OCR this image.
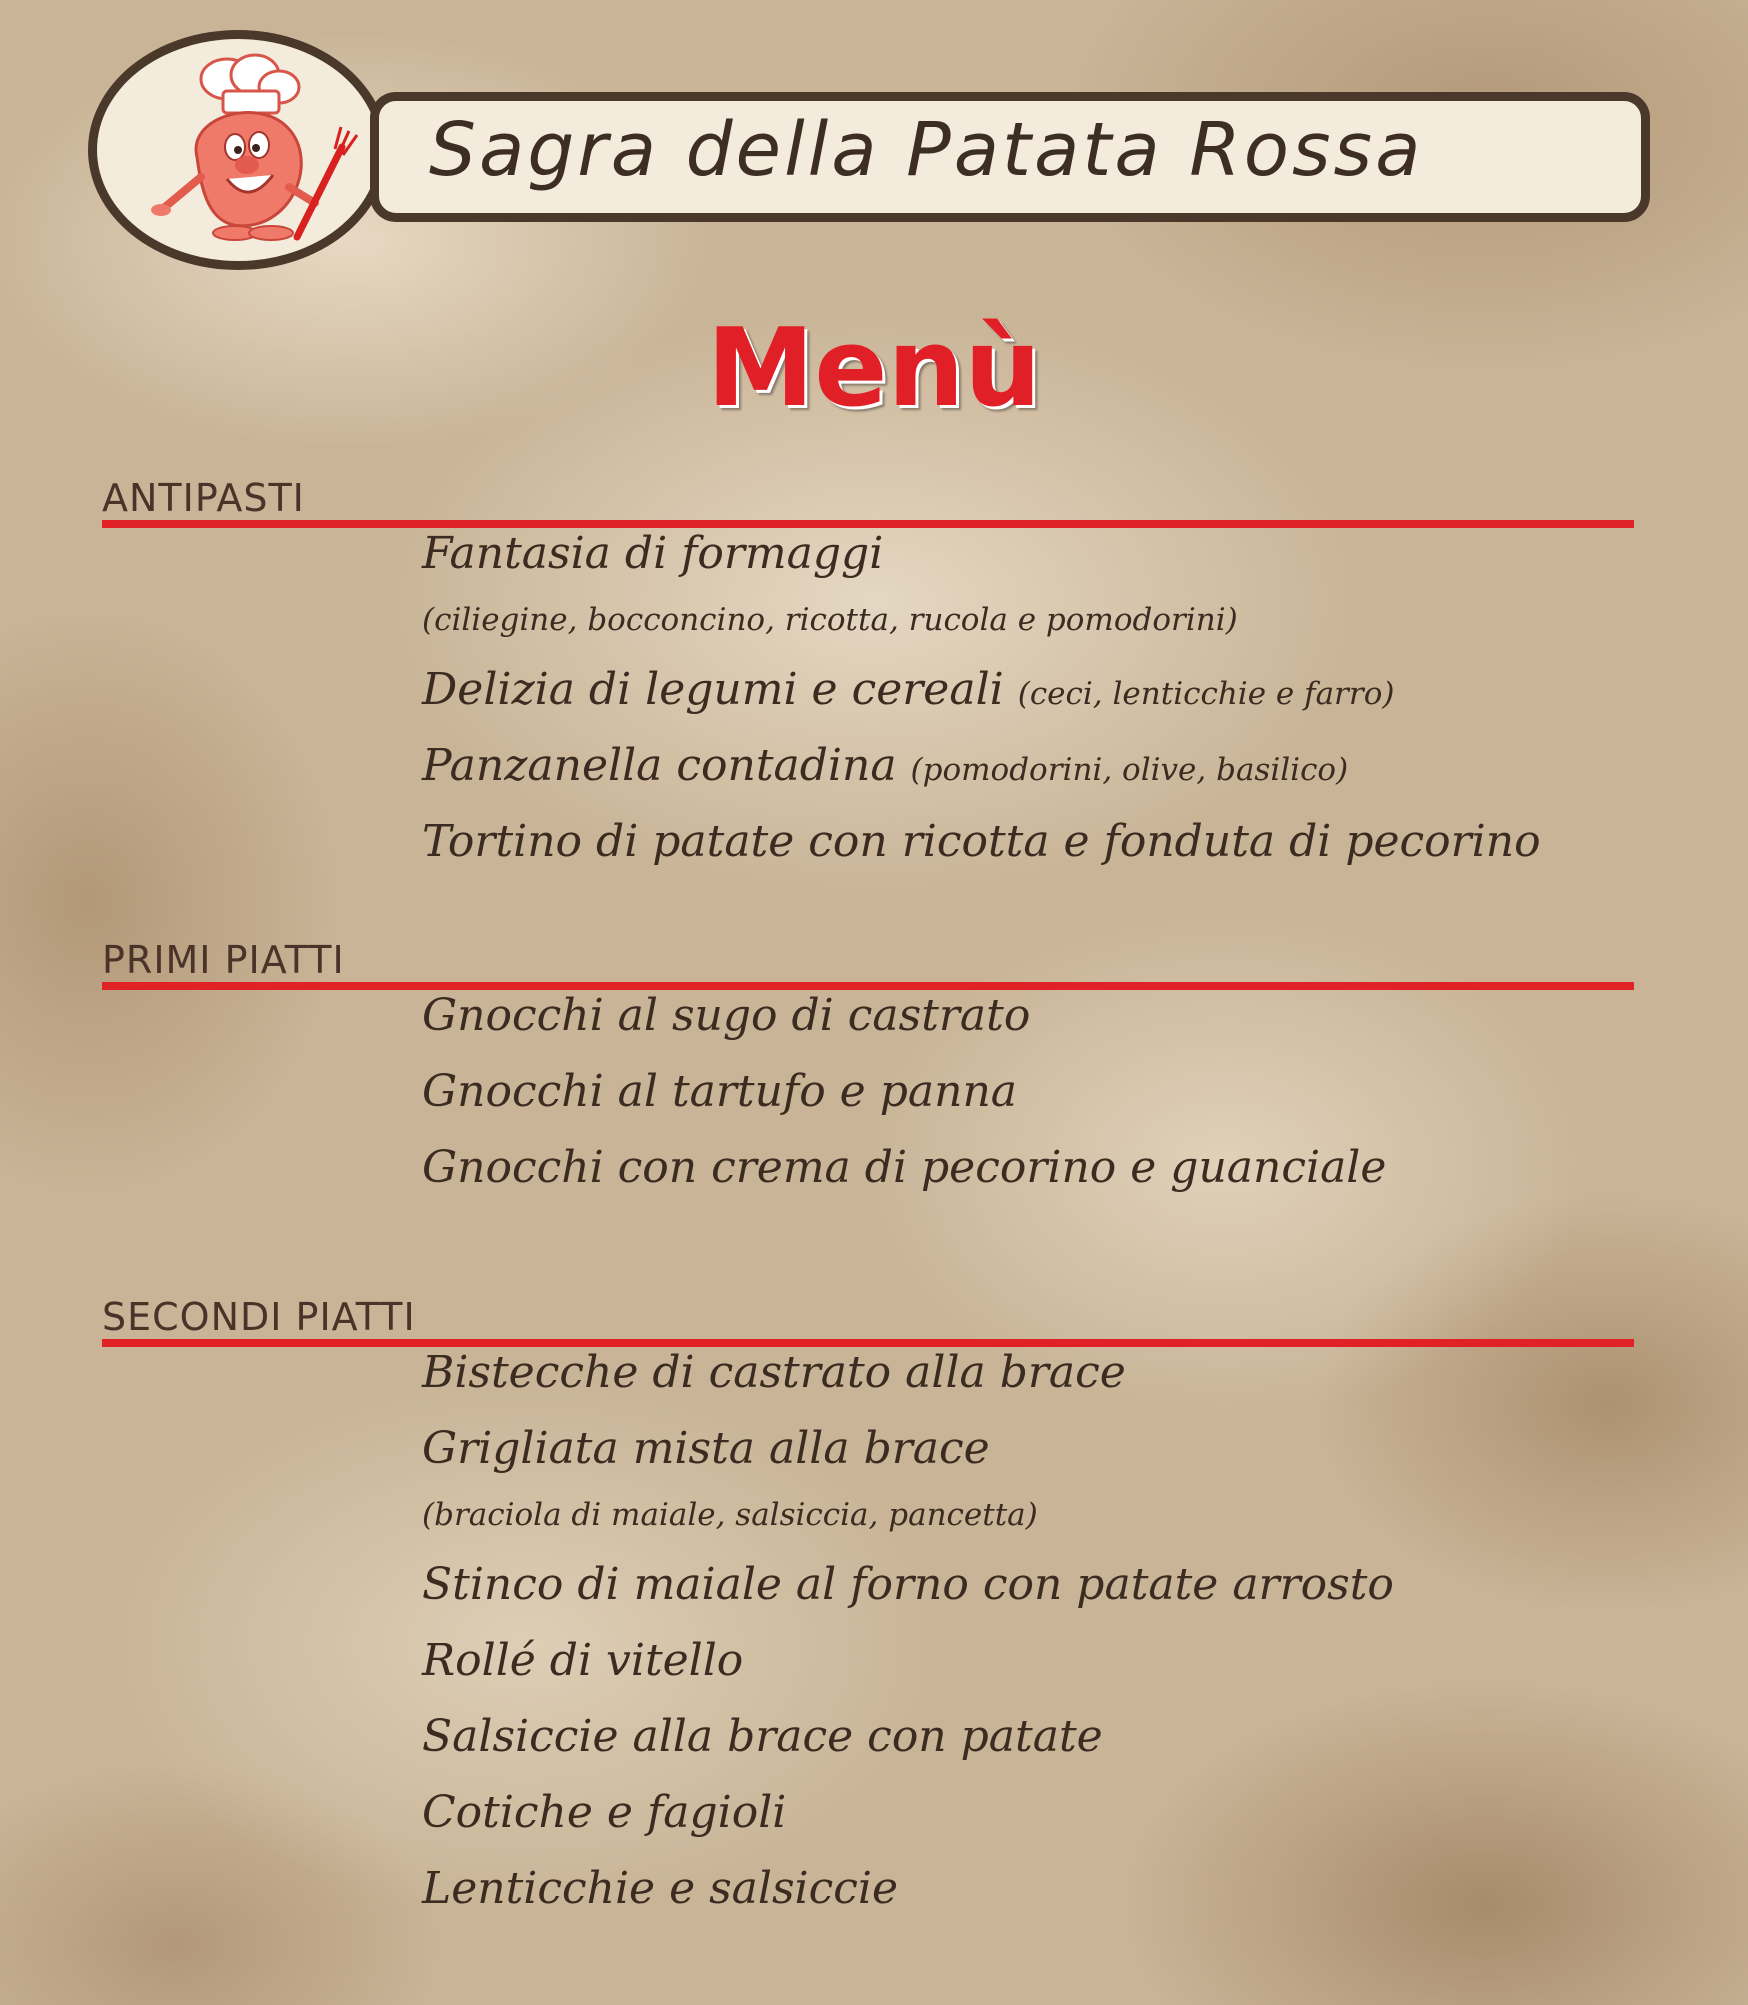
Sagra della Patata Rossa
Menù
ANTIPASTI
Fantasia di formaggi
(ciliegine, bocconcino, ricotta, rucola e pomodorini)
Delizia di legumi e cereali (ceci, lenticchie e farro)
Panzanella contadina (pomodorini, olive, basilico)
Tortino di patate con ricotta e fonduta di pecorino
PRIMI PIATTI
Gnocchi al sugo di castrato
Gnocchi al tartufo e panna
Gnocchi con crema di pecorino e guanciale
SECONDI PIATTI
Bistecche di castrato alla brace
Grigliata mista alla brace
(braciola di maiale, salsiccia, pancetta)
Stinco di maiale al forno con patate arrosto
Rollé di vitello
Salsiccie alla brace con patate
Cotiche e fagioli
Lenticchie e salsiccie
